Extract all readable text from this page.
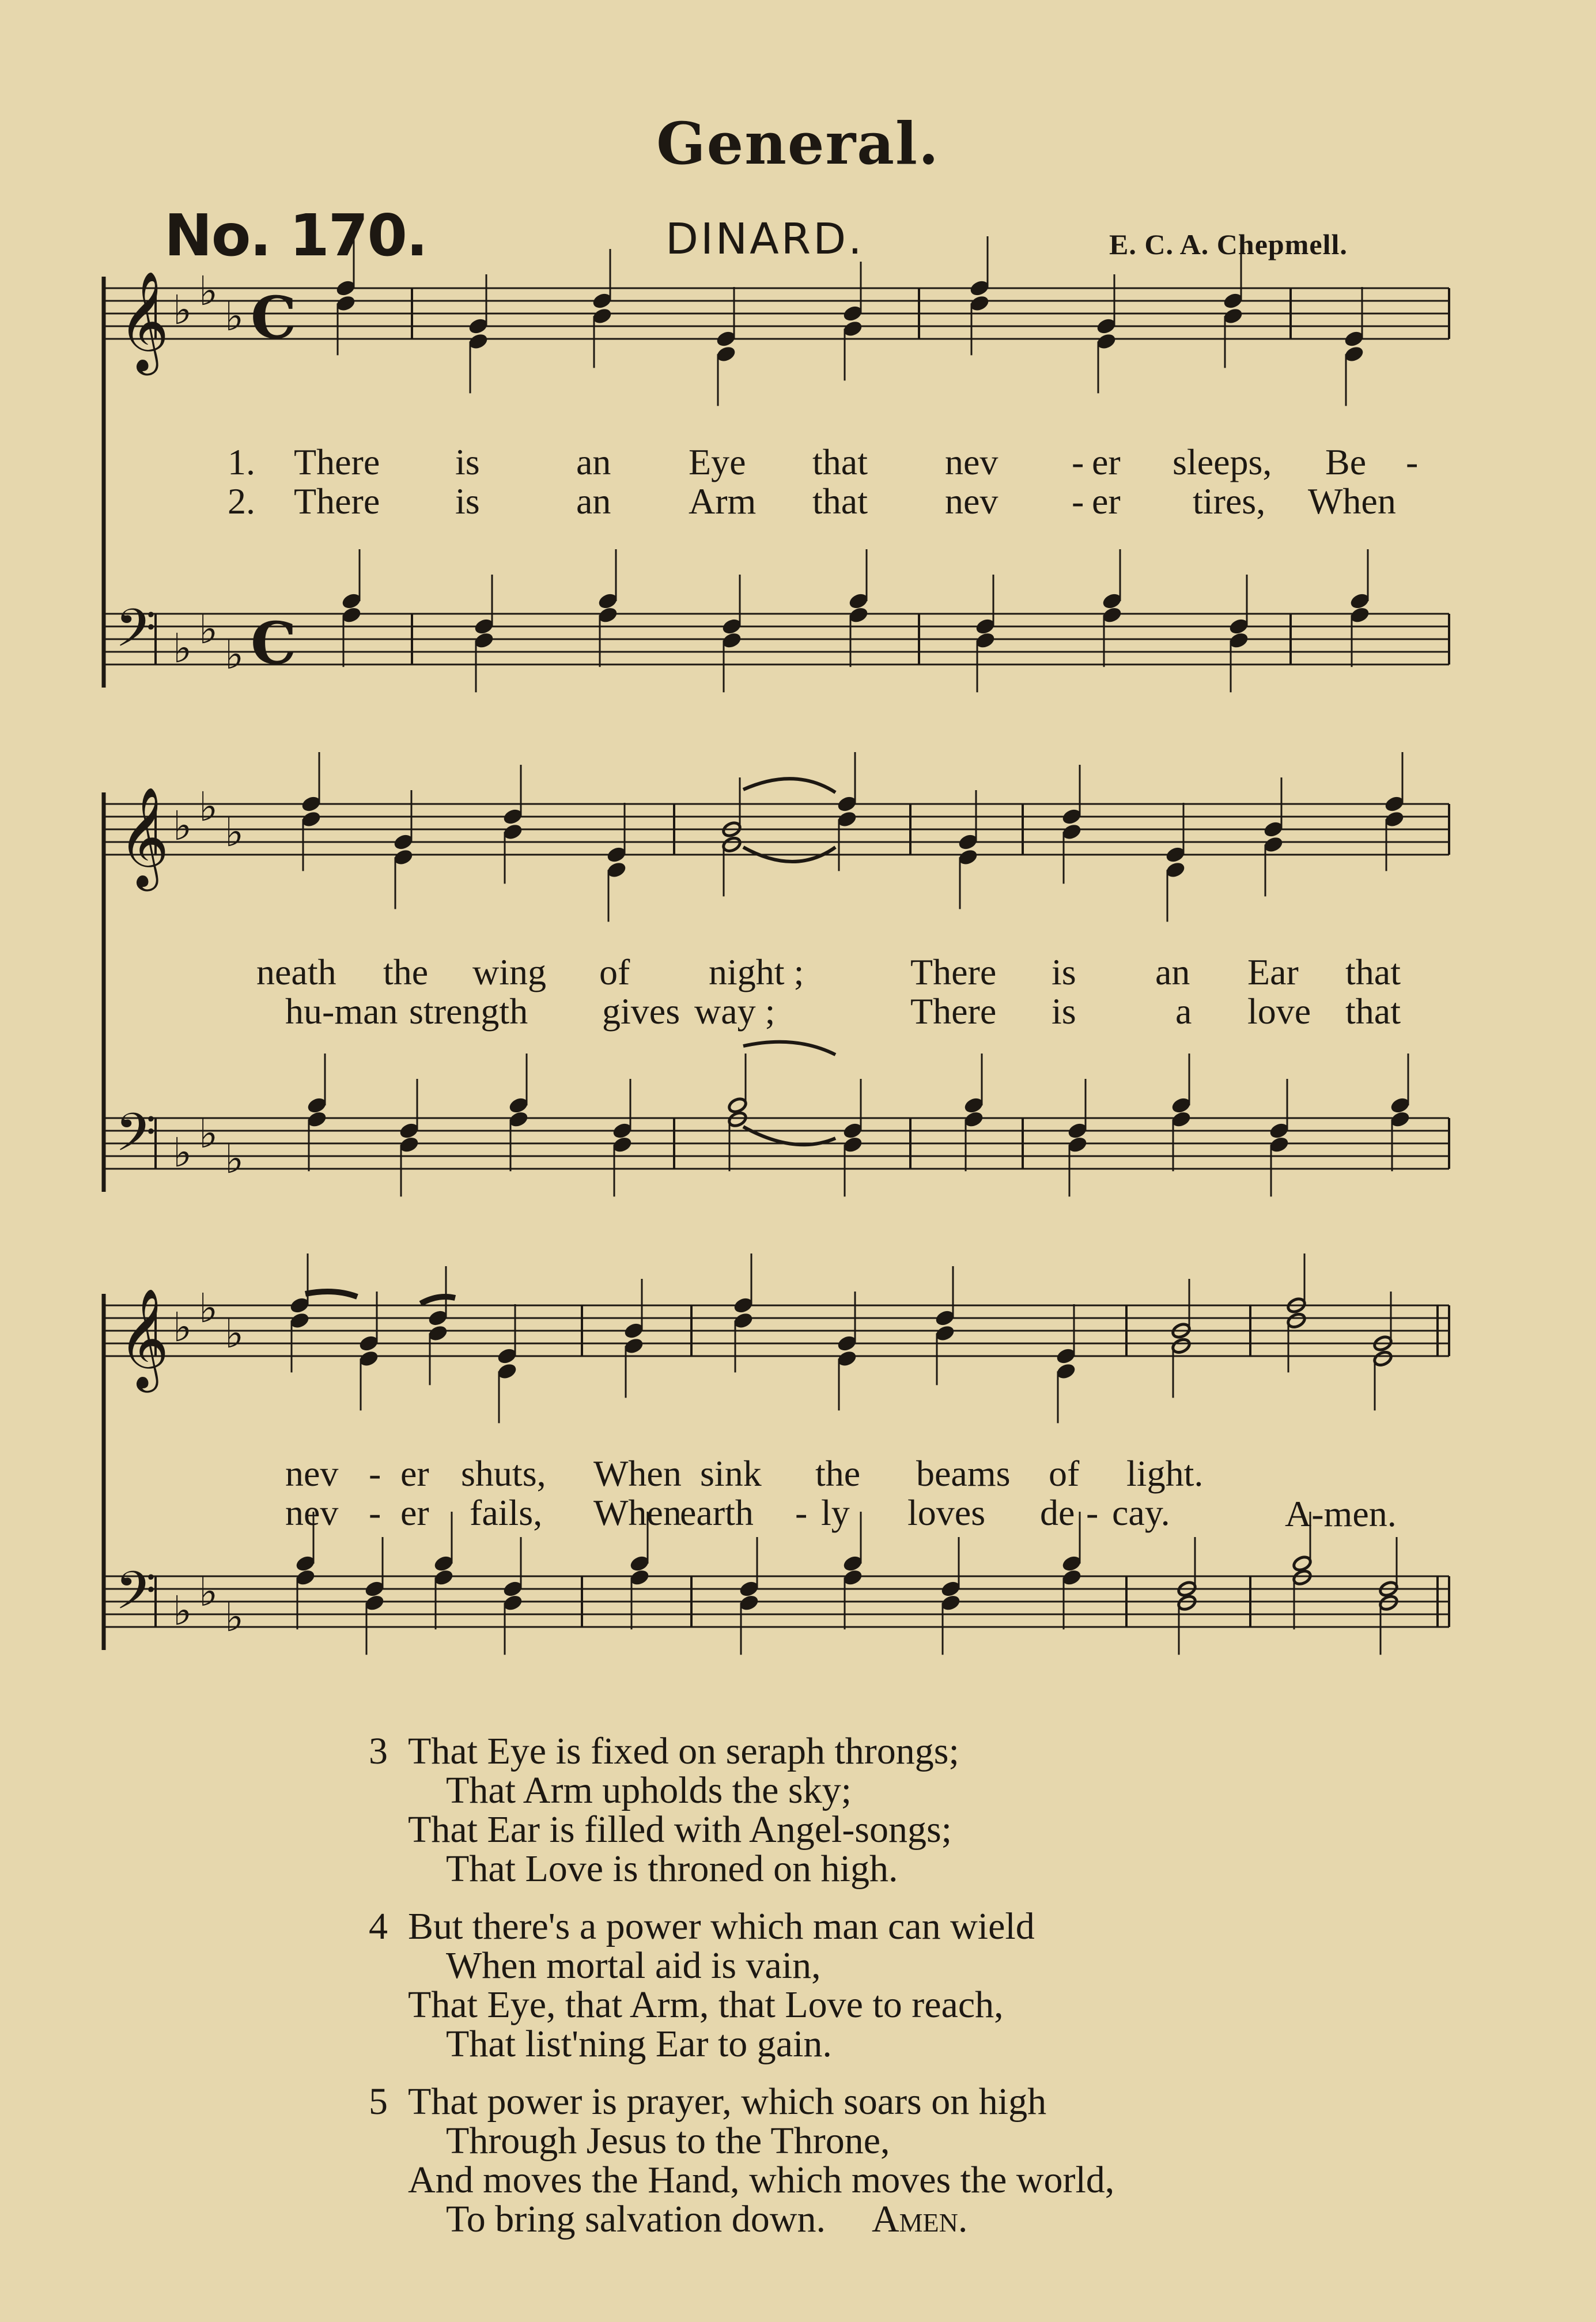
General.
No. 170.	DINARD.	E. C. A. Chepmell.
𝄞
𝄢
♭ ♭
♭
♭ ♭
♭
C
C
𝄞
𝄢
♭ ♭
♭
♭ ♭
♭
𝄞
𝄢
♭ ♭
♭
♭ ♭
♭
1. There is	an Eye that nev - er sleeps, Be -
2. There is	an Arm that nev - er tires, When
neath the wing of night ;	There is an Ear that
hu-man strength gives way ;	There is	a love that
nev - er shuts, When sink the beams of light.
nev - er fails, When
earth - ly loves de - cay.	A-men.
3 That Eye is fixed on seraph throngs;
That Arm upholds the sky;
That Ear is filled with Angel-songs;
That Love is throned on high.
4 But there's a power which man can wield
When mortal aid is vain,
That Eye, that Arm, that Love to reach,
That list'ning Ear to gain.
5 That power is prayer, which soars on high
Through Jesus to the Throne,
And moves the Hand, which moves the world,
To bring salvation down. Amen.
